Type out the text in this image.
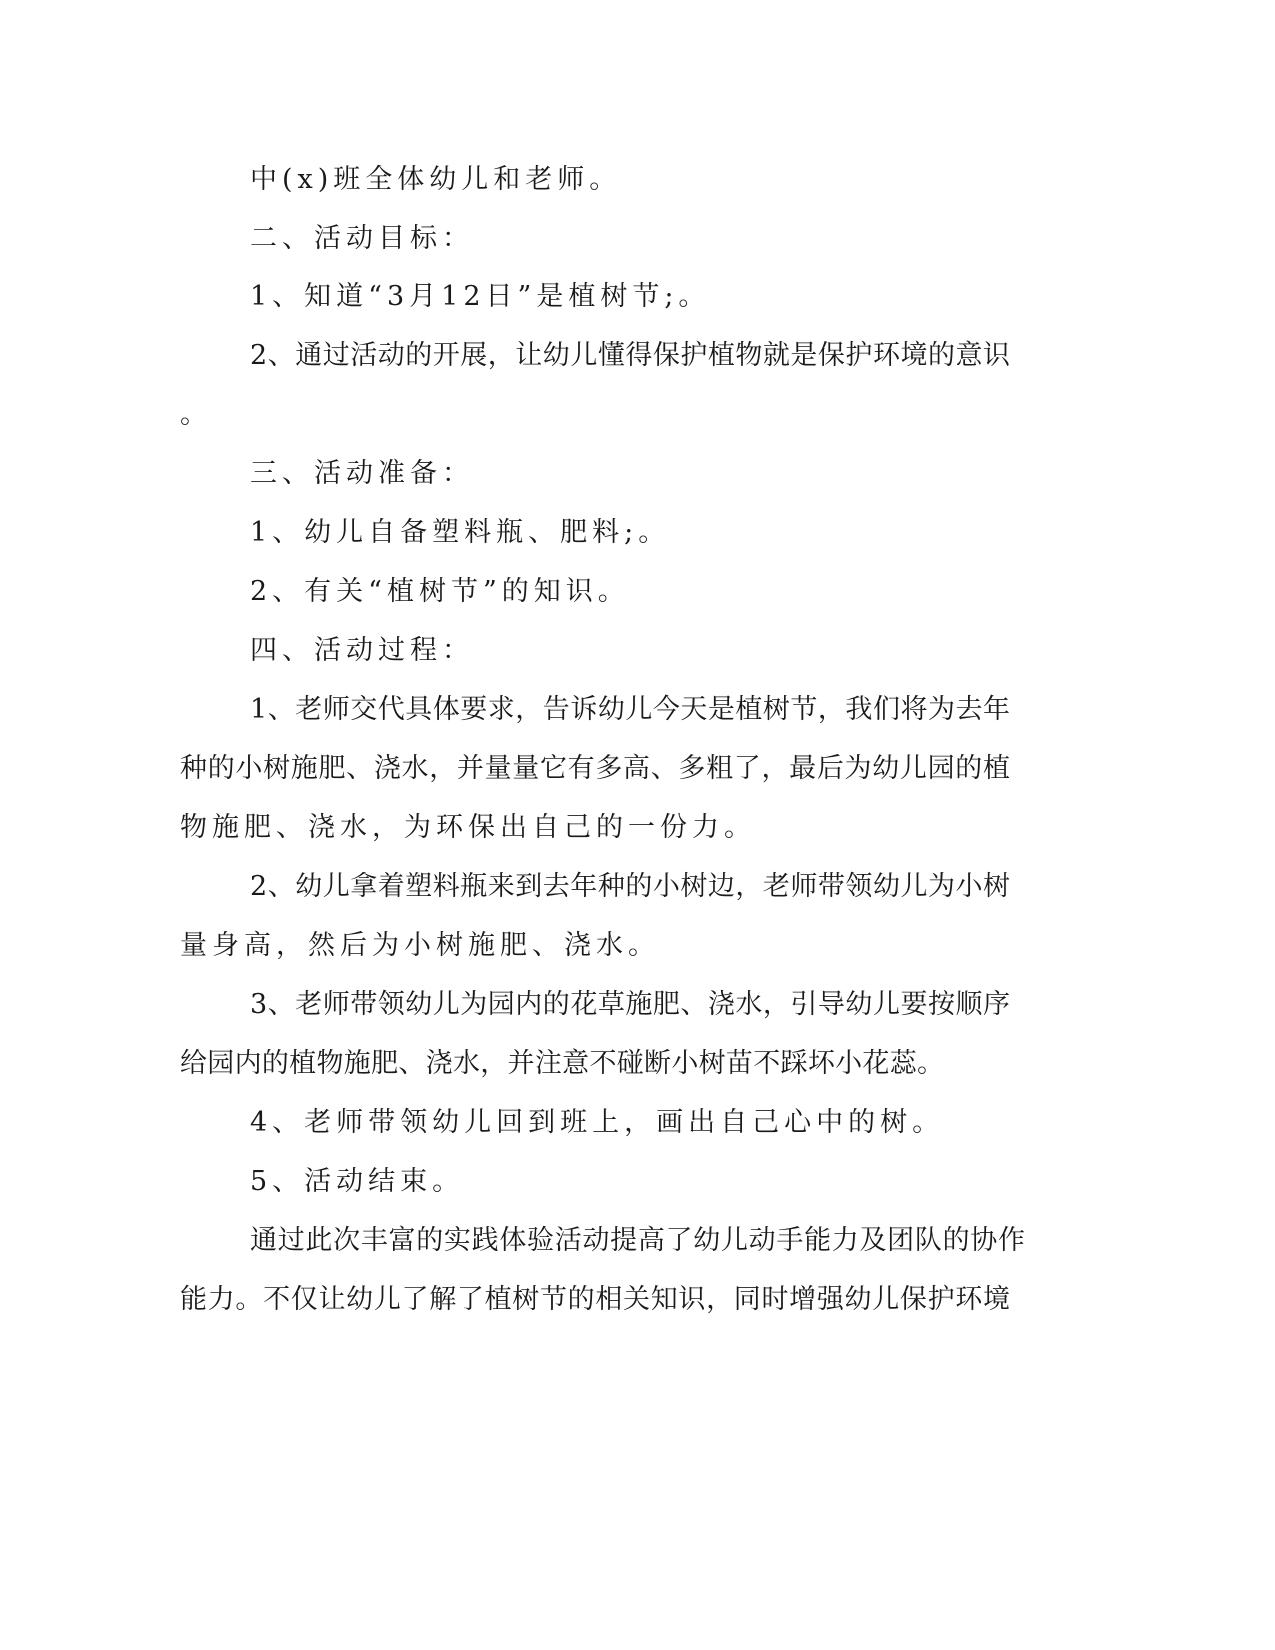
中(x)班全体幼儿和老师。
二、活动目标：
1、知道“3月12日”是植树节;。
2、通过活动的开展，让幼儿懂得保护植物就是保护环境的意识
。
三、活动准备：
1、幼儿自备塑料瓶、肥料;。
2、有关“植树节”的知识。
四、活动过程：
1、老师交代具体要求，告诉幼儿今天是植树节，我们将为去年
种的小树施肥、浇水，并量量它有多高、多粗了，最后为幼儿园的植
物施肥、浇水，为环保出自己的一份力。
2、幼儿拿着塑料瓶来到去年种的小树边，老师带领幼儿为小树
量身高，然后为小树施肥、浇水。
3、老师带领幼儿为园内的花草施肥、浇水，引导幼儿要按顺序
给园内的植物施肥、浇水，并注意不碰断小树苗不踩坏小花蕊。
4、老师带领幼儿回到班上，画出自己心中的树。
5、活动结束。
通过此次丰富的实践体验活动提高了幼儿动手能力及团队的协作
能力。不仅让幼儿了解了植树节的相关知识，同时增强幼儿保护环境
